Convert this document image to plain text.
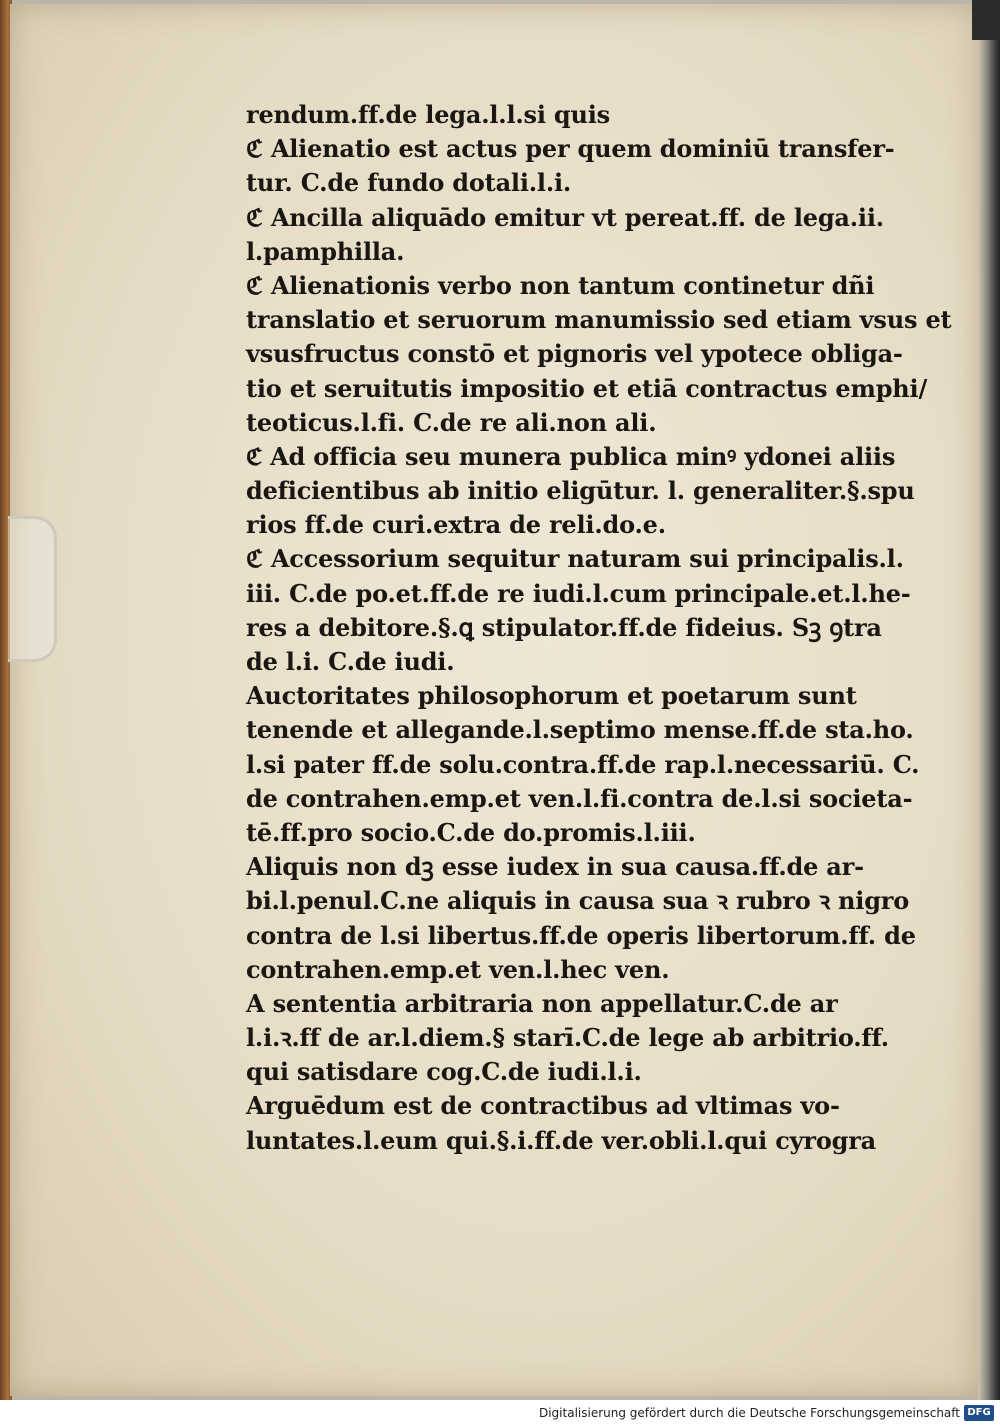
rendum.ff.de lega.l.l.si quis
ℭ Alienatio est actus per quem dominiū transfer-
tur. C.de fundo dotali.l.i.
ℭ Ancilla aliquādo emitur vt pereat.ff. de lega.ii.
l.pamphilla.
ℭ Alienationis verbo non tantum continetur dñi
translatio et seruorum manumissio sed etiam vsus et
vsusfructus constō et pignoris vel ypotece obliga-
tio et seruitutis impositio et etiā contractus emphi/
teoticus.l.fi. C.de re ali.non ali.
ℭ Ad officia seu munera publica minꝰ ydonei aliis
deficientibus ab initio eligūtur. l. generaliter.§.spu
rios ff.de curi.extra de reli.do.e.
ℭ Accessorium sequitur naturam sui principalis.l.
iii. C.de po.et.ff.de re iudi.l.cum principale.et.l.he-
res a debitore.§.ꝗ stipulator.ff.de fideius. Sꝫ ꝯtra
de l.i. C.de iudi.
Auctoritates philosophorum et poetarum sunt
tenende et allegande.l.septimo mense.ff.de sta.ho.
l.si pater ff.de solu.contra.ff.de rap.l.necessariū. C.
de contrahen.emp.et ven.l.fi.contra de.l.si societa-
tē.ff.pro socio.C.de do.promis.l.iii.
Aliquis non dꝫ esse iudex in sua causa.ff.de ar-
bi.l.penul.C.ne aliquis in causa sua ꝛ rubro ꝛ nigro
contra de l.si libertus.ff.de operis libertorum.ff. de
contrahen.emp.et ven.l.hec ven.
A sententia arbitraria non appellatur.C.de ar
l.i.ꝛ.ff de ar.l.diem.§ starī.C.de lege ab arbitrio.ff.
qui satisdare cog.C.de iudi.l.i.
Arguēdum est de contractibus ad vltimas vo-
luntates.l.eum qui.§.i.ff.de ver.obli.l.qui cyrogra
Digitalisierung gefördert durch die Deutsche Forschungsgemeinschaft DFG
